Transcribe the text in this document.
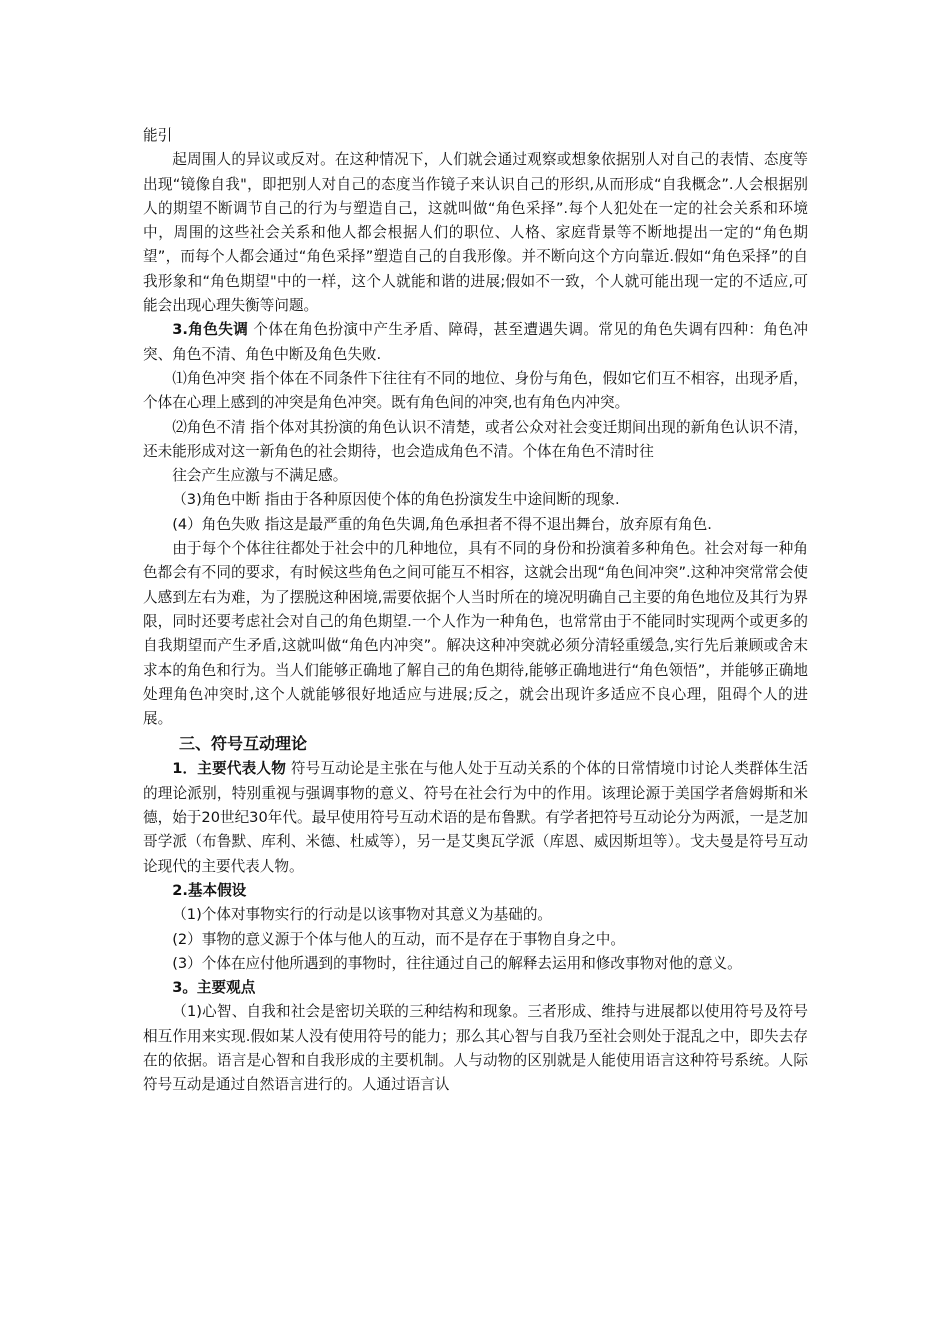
能引

起周围人的异议或反对。在这种情况下，人们就会通过观察或想象依据别人对自己的表情、态度等出现“镜像自我"，即把别人对自己的态度当作镜子来认识自己的形织,从而形成“自我概念”.人会根据别人的期望不断调节自己的行为与塑造自己，这就叫做“角色采择”.每个人犯处在一定的社会关系和环境中，周围的这些社会关系和他人都会根据人们的职位、人格、家庭背景等不断地提出一定的“角色期望”，而每个人都会通过“角色采择”塑造自己的自我形像。并不断向这个方向靠近.假如“角色采择”的自我形象和“角色期望"中的一样，这个人就能和谐的进展;假如不一致，个人就可能出现一定的不适应,可能会出现心理失衡等问题。

3.角色失调 个体在角色扮演中产生矛盾、障碍，甚至遭遇失调。常见的角色失调有四种：角色冲突、角色不清、角色中断及角色失败.

⑴角色冲突 指个体在不同条件下往往有不同的地位、身份与角色，假如它们互不相容，出现矛盾，个体在心理上感到的冲突是角色冲突。既有角色间的冲突,也有角色内冲突。

⑵角色不清 指个体对其扮演的角色认识不清楚，或者公众对社会变迁期间出现的新角色认识不清，还未能形成对这一新角色的社会期待，也会造成角色不清。个体在角色不清时往

往会产生应激与不满足感。

（3)角色中断 指由于各种原因使个体的角色扮演发生中途间断的现象.

(4）角色失败 指这是最严重的角色失调,角色承担者不得不退出舞台，放弃原有角色.

由于每个个体往往都处于社会中的几种地位，具有不同的身份和扮演着多种角色。社会对每一种角色都会有不同的要求，有时候这些角色之间可能互不相容，这就会出现“角色间冲突”.这种冲突常常会使人感到左右为难，为了摆脱这种困境,需要依据个人当时所在的境况明确自己主要的角色地位及其行为界限，同时还要考虑社会对自己的角色期望.一个人作为一种角色，也常常由于不能同时实现两个或更多的自我期望而产生矛盾,这就叫做“角色内冲突”。解决这种冲突就必须分清轻重缓急,实行先后兼顾或舍末求本的角色和行为。当人们能够正确地了解自己的角色期待,能够正确地进行“角色领悟”，并能够正确地处理角色冲突时,这个人就能够很好地适应与进展;反之，就会出现许多适应不良心理，阻碍个人的进展。

三、符号互动理论

1．主要代表人物 符号互动论是主张在与他人处于互动关系的个体的日常情境巾讨论人类群体生活的理论派别，特别重视与强调事物的意义、符号在社会行为中的作用。该理论源于美国学者詹姆斯和米德，始于20世纪30年代。最早使用符号互动术语的是布鲁默。有学者把符号互动论分为两派，一是芝加哥学派（布鲁默、库利、米德、杜威等），另一是艾奥瓦学派（库恩、威因斯坦等）。戈夫曼是符号互动论现代的主要代表人物。

2.基本假设

（1)个体对事物实行的行动是以该事物对其意义为基础的。

(2）事物的意义源于个体与他人的互动，而不是存在于事物自身之中。

(3）个体在应付他所遇到的事物时，往往通过自己的解释去运用和修改事物对他的意义。

3。主要观点

（1)心智、自我和社会是密切关联的三种结构和现象。三者形成、维持与进展都以使用符号及符号相互作用来实现.假如某人没有使用符号的能力；那么其心智与自我乃至社会则处于混乱之中，即失去存在的依据。语言是心智和自我形成的主要机制。人与动物的区别就是人能使用语言这种符号系统。人际符号互动是通过自然语言进行的。人通过语言认
